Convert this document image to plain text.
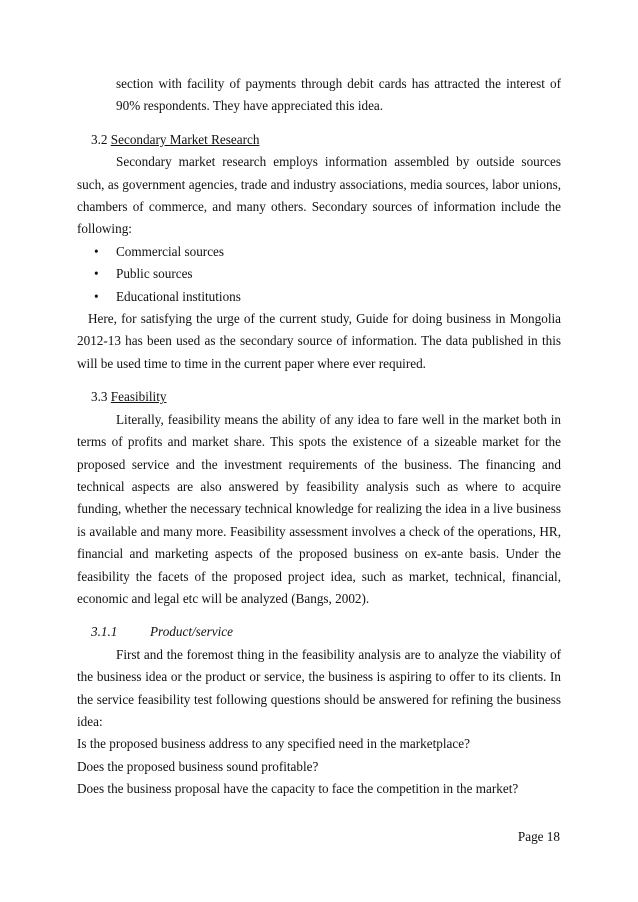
section with facility of payments through debit cards has attracted the interest of 90% respondents. They have appreciated this idea.

3.2 Secondary Market Research

Secondary market research employs information assembled by outside sources such, as government agencies, trade and industry associations, media sources, labor unions, chambers of commerce, and many others. Secondary sources of information include the following:

• Commercial sources
• Public sources
• Educational institutions

Here, for satisfying the urge of the current study, Guide for doing business in Mongolia 2012-13 has been used as the secondary source of information. The data published in this will be used time to time in the current paper where ever required.

3.3 Feasibility

Literally, feasibility means the ability of any idea to fare well in the market both in terms of profits and market share. This spots the existence of a sizeable market for the proposed service and the investment requirements of the business. The financing and technical aspects are also answered by feasibility analysis such as where to acquire funding, whether the necessary technical knowledge for realizing the idea in a live business is available and many more. Feasibility assessment involves a check of the operations, HR, financial and marketing aspects of the proposed business on ex-ante basis. Under the feasibility the facets of the proposed project idea, such as market, technical, financial, economic and legal etc will be analyzed (Bangs, 2002).

3.1.1 Product/service

First and the foremost thing in the feasibility analysis are to analyze the viability of the business idea or the product or service, the business is aspiring to offer to its clients. In the service feasibility test following questions should be answered for refining the business idea:

Is the proposed business address to any specified need in the marketplace?

Does the proposed business sound profitable?

Does the business proposal have the capacity to face the competition in the market?

Page 18
